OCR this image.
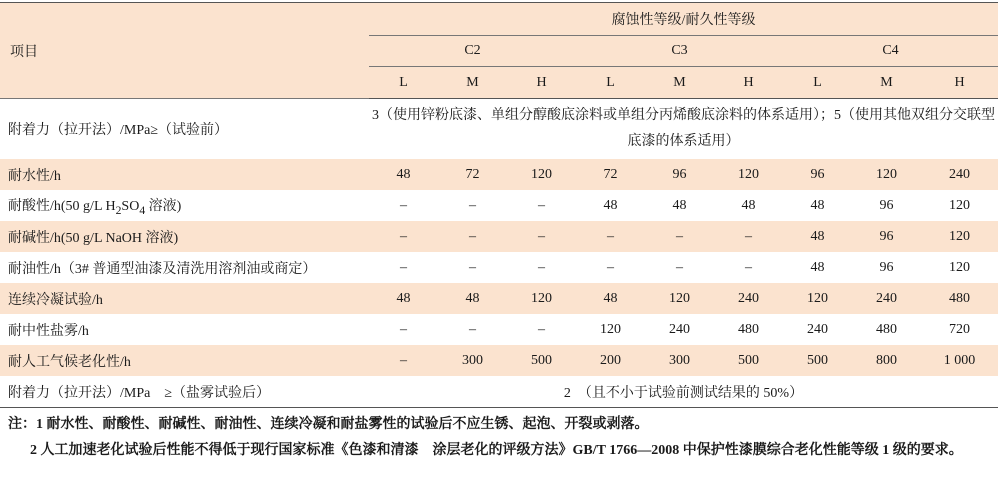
项目	腐蚀性等级/耐久性等级								
	C2			C3			C4		
	L	M	H	L	M	H	L	M	H
附着力（拉开法）/MPa≥（试验前）	3（使用锌粉底漆、单组分醇酸底涂料或单组分丙烯酸底涂料的体系适用）；5（使用其他双组分交联型底漆的体系适用）								
耐水性/h	48	72	120	72	96	120	96	120	240
耐酸性/h(50 g/L $H_2SO_4$ 溶液)	–	–	–	48	48	48	48	96	120
耐碱性/h(50 g/L NaOH 溶液)	–	–	–	–	–	–	48	96	120
耐油性/h（3# 普通型油漆及清洗用溶剂油或商定）	–	–	–	–	–	–	48	96	120
连续冷凝试验/h	48	48	120	48	120	240	120	240	480
耐中性盐雾/h	–	–	–	120	240	480	240	480	720
耐人工气候老化性/h	–	300	500	200	300	500	500	800	1 000
附着力（拉开法）/MPa　≥（盐雾试验后）	2　（且不小于试验前测试结果的 50%）								

注：1 耐水性、耐酸性、耐碱性、耐油性、连续冷凝和耐盐雾性的试验后不应生锈、起泡、开裂或剥落。

2 人工加速老化试验后性能不得低于现行国家标准《色漆和清漆　涂层老化的评级方法》GB/T 1766—2008 中保护性漆膜综合老化性能等级 1 级的要求。
